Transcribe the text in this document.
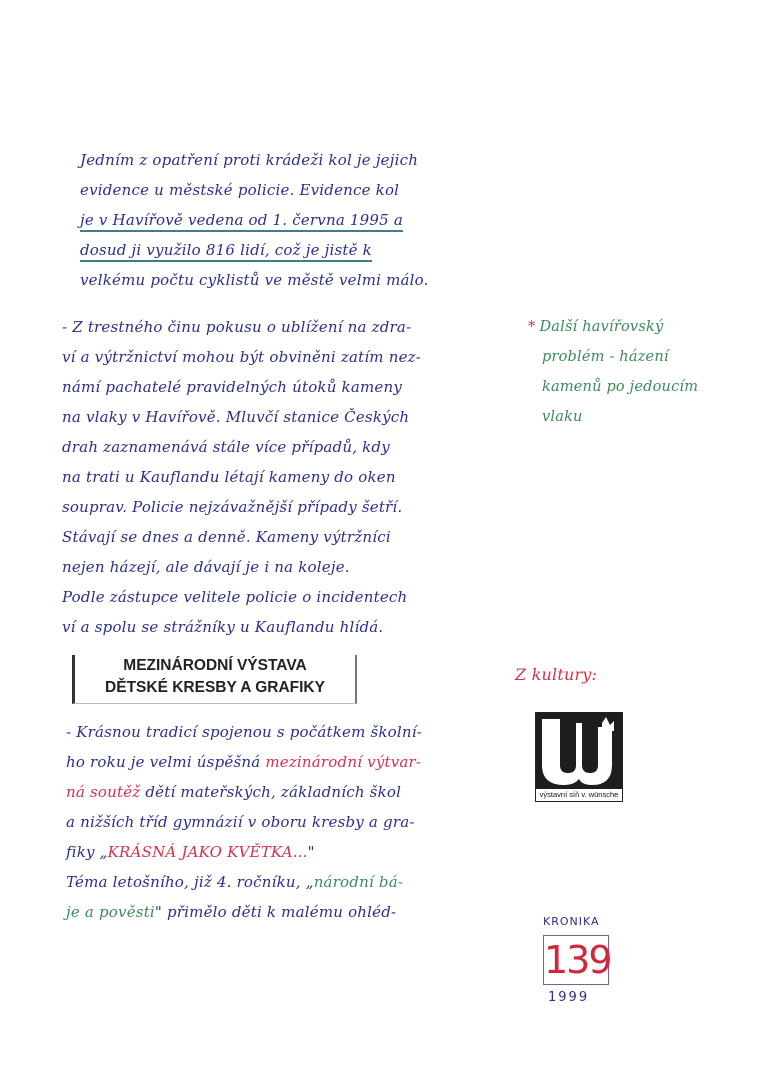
Jedním z opatření proti krádeži kol je jejich
evidence u městské policie. Evidence kol
je v Havířově vedena od 1. června 1995 a
dosud ji využilo 816 lidí, což je jistě k
velkému počtu cyklistů ve městě velmi málo.
- Z trestného činu pokusu o ublížení na zdra-
ví a výtržnictví mohou být obviněni zatím nez-
námí pachatelé pravidelných útoků kameny
na vlaky v Havířově. Mluvčí stanice Českých
drah zaznamenává stále více případů, kdy
na trati u Kauflandu létají kameny do oken
souprav. Policie nejzávažnější případy šetří.
Stávají se dnes a denně. Kameny výtržníci
nejen házejí, ale dávají je i na koleje.
Podle zástupce velitele policie o incidentech
ví a spolu se strážníky u Kauflandu hlídá.
* Další havířovský
problém - házení
kamenů po jedoucím
vlaku
MEZINÁRODNÍ VÝSTAVA
DĚTSKÉ KRESBY A GRAFIKY
Z kultury:
výstavní síň v. wünsche
- Krásnou tradicí spojenou s počátkem školní-
ho roku je velmi úspěšná mezinárodní výtvar-
ná soutěž dětí mateřských, základních škol
a nižších tříd gymnázií v oboru kresby a gra-
fiky „KRÁSNÁ JAKO KVĚTKA..."
Téma letošního, již 4. ročníku, „národní bá-
je a pověsti" přimělo děti k malému ohléd-
KRONIKA
139
1999
